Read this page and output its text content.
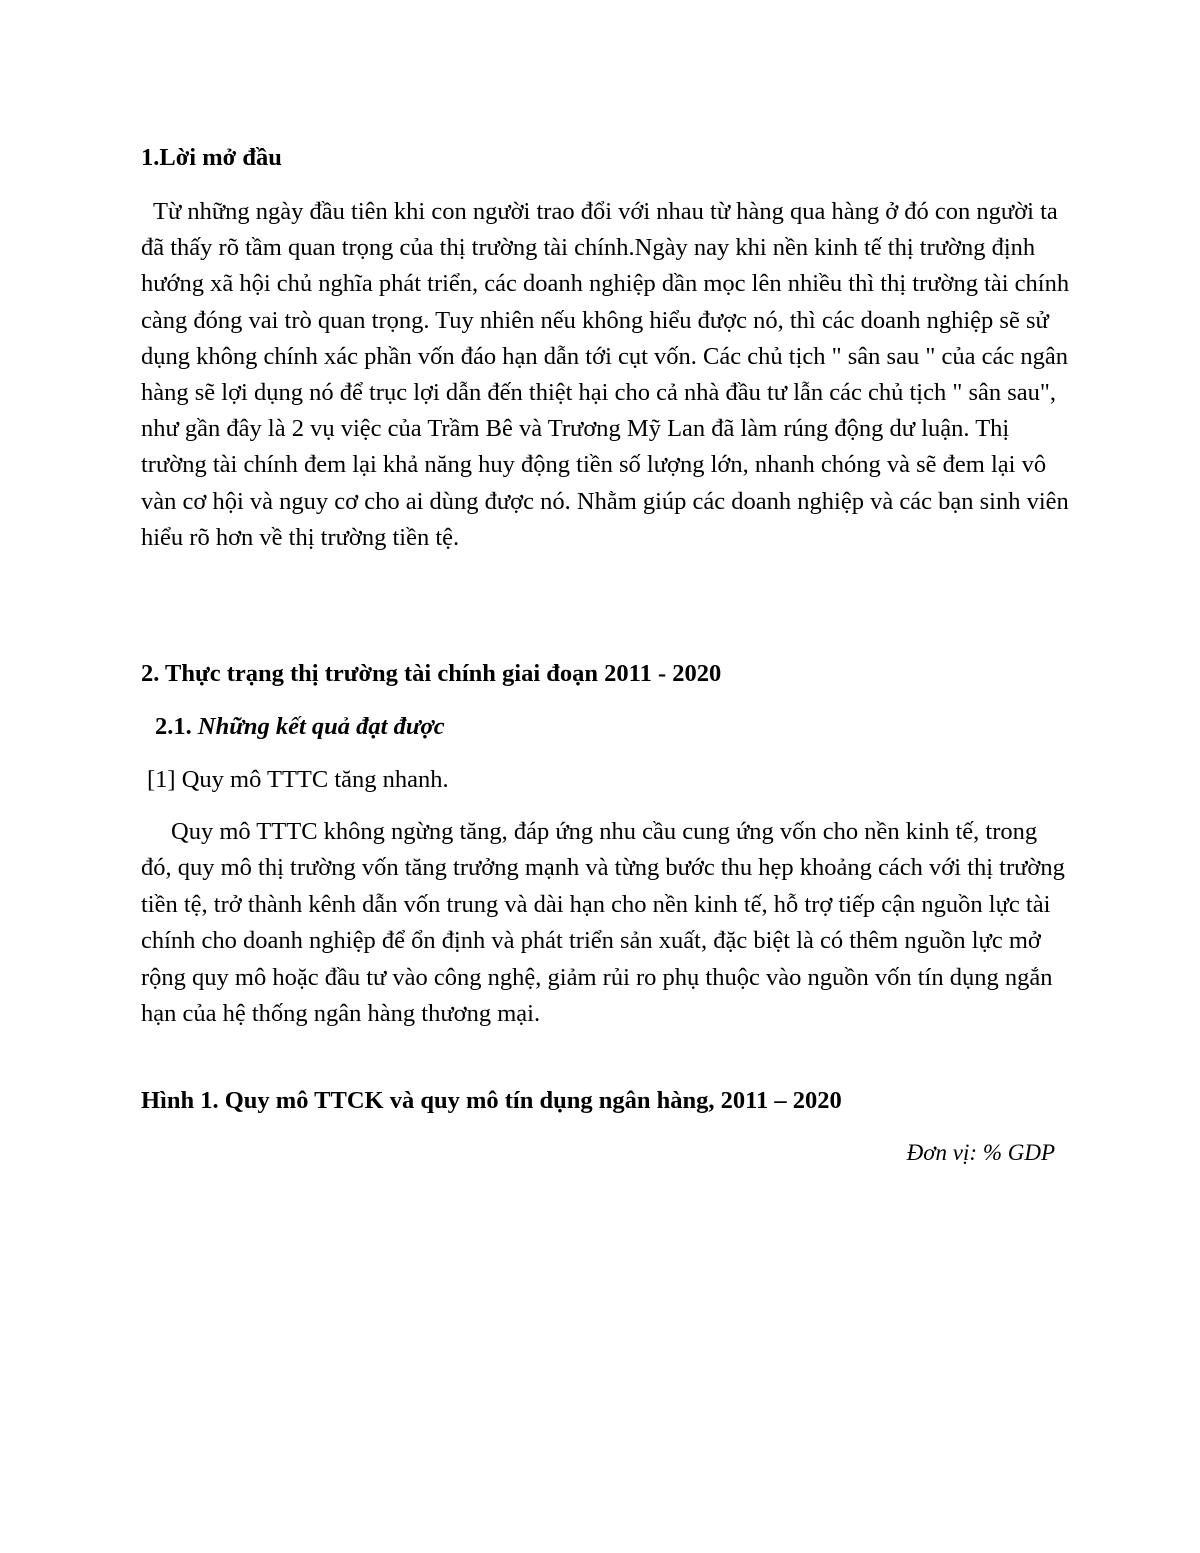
1.Lời mở đầu

Từ những ngày đầu tiên khi con người trao đổi với nhau từ hàng qua hàng ở đó con người ta đã thấy rõ tầm quan trọng của thị trường tài chính.Ngày nay khi nền kinh tế thị trường định hướng xã hội chủ nghĩa phát triển, các doanh nghiệp dần mọc lên nhiều thì thị trường tài chính càng đóng vai trò quan trọng. Tuy nhiên nếu không hiểu được nó, thì các doanh nghiệp sẽ sử dụng không chính xác phần vốn đáo hạn dẫn tới cụt vốn. Các chủ tịch " sân sau " của các ngân hàng sẽ lợi dụng nó để trục lợi dẫn đến thiệt hại cho cả nhà đầu tư lẫn các chủ tịch " sân sau", như gần đây là 2 vụ việc của Trầm Bê và Trương Mỹ Lan đã làm rúng động dư luận. Thị trường tài chính đem lại khả năng huy động tiền số lượng lớn, nhanh chóng và sẽ đem lại vô vàn cơ hội và nguy cơ cho ai dùng được nó. Nhằm giúp các doanh nghiệp và các bạn sinh viên hiểu rõ hơn về thị trường tiền tệ.

2. Thực trạng thị trường tài chính giai đoạn 2011 - 2020

2.1. Những kết quả đạt được

[1] Quy mô TTTC tăng nhanh.

Quy mô TTTC không ngừng tăng, đáp ứng nhu cầu cung ứng vốn cho nền kinh tế, trong đó, quy mô thị trường vốn tăng trưởng mạnh và từng bước thu hẹp khoảng cách với thị trường tiền tệ, trở thành kênh dẫn vốn trung và dài hạn cho nền kinh tế, hỗ trợ tiếp cận nguồn lực tài chính cho doanh nghiệp để ổn định và phát triển sản xuất, đặc biệt là có thêm nguồn lực mở rộng quy mô hoặc đầu tư vào công nghệ, giảm rủi ro phụ thuộc vào nguồn vốn tín dụng ngắn hạn của hệ thống ngân hàng thương mại.

Hình 1. Quy mô TTCK và quy mô tín dụng ngân hàng, 2011 – 2020

Đơn vị: % GDP
